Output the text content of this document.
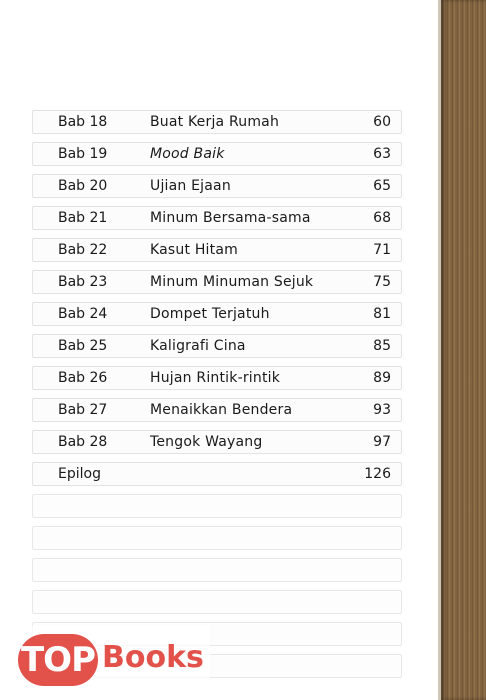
Bab 18	Buat Kerja Rumah	60
Bab 19	Mood Baik	63
Bab 20	Ujian Ejaan	65
Bab 21	Minum Bersama-sama	68
Bab 22	Kasut Hitam	71
Bab 23	Minum Minuman Sejuk	75
Bab 24	Dompet Terjatuh	81
Bab 25	Kaligrafi Cina	85
Bab 26	Hujan Rintik-rintik	89
Bab 27	Menaikkan Bendera	93
Bab 28	Tengok Wayang	97
Epilog	126
TOP Books
